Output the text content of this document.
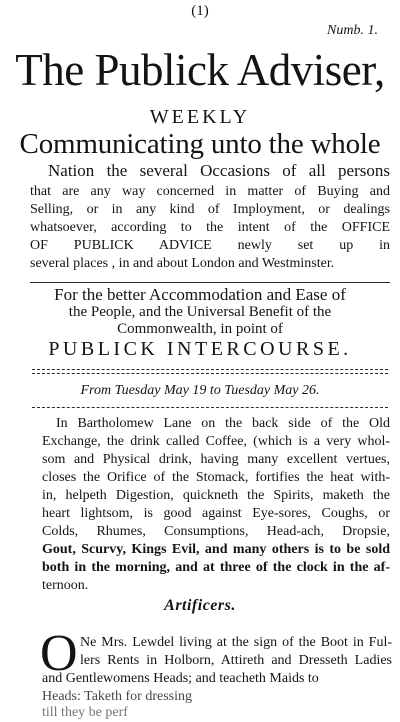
(1)
Numb. 1.
The Publick Adviser,
WEEKLY
Communicating unto the whole
Nation the several Occasions of all persons
that are any way concerned in matter of Buying and
Selling, or in any kind of Imployment, or dealings
whatsoever, according to the intent of the OFFICE
OF PUBLICK ADVICE newly set up in
several places , in and about London and Westminster.
For the better Accommodation and Ease of
the People, and the Universal Benefit of the
Commonwealth, in point of
PUBLICK INTERCOURSE.
From Tuesday May 19 to Tuesday May 26.
In Bartholomew Lane on the back side of the Old
Exchange, the drink called Coffee, (which is a very whol-
som and Physical drink, having many excellent vertues,
closes the Orifice of the Stomack, fortifies the heat with-
in, helpeth Digestion, quickneth the Spirits, maketh the
heart lightsom, is good against Eye-sores, Coughs, or
Colds, Rhumes, Consumptions, Head-ach, Dropsie,
Gout, Scurvy, Kings Evil, and many others is to be sold
both in the morning, and at three of the clock in the af-
ternoon.
Artificers.
O Ne Mrs. Lewdel living at the sign of the Boot in Ful-
lers Rents in Holborn, Attireth and Dresseth Ladies
and Gentlewomens Heads; and teacheth Maids to
Heads: Taketh for dressing
till they be perf
